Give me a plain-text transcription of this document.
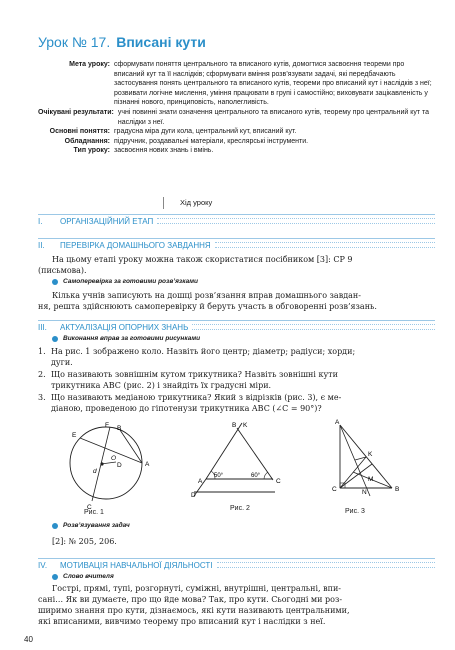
Урок № 17. Вписані кути
Мета уроку: сформувати поняття центрального та вписаного кутів, домогтися засвоєння теореми про вписаний кут та її наслідків; сформувати вміння розв’язувати задачі, які передбачають застосування понять центрального та вписаного кутів, теореми про вписаний кут і наслідків з неї; розвивати логічне мислення, уміння працювати в групі і самостійно; виховувати зацікавленість у пізнанні нового, принциповість, наполегливість.
Очікувані результати: учні повинні знати означення центрального та вписаного кутів, теорему про центральний кут та наслідки з неї.
Основні поняття: градусна міра дуги кола, центральний кут, вписаний кут.
Обладнання: підручник, роздавальні матеріали, креслярські інструменти.
Тип уроку: засвоєння нових знань і вмінь.
Хід уроку
I.	ОРГАНІЗАЦІЙНИЙ ЕТАП
II.	ПЕРЕВІРКА ДОМАШНЬОГО ЗАВДАННЯ
На цьому етапі уроку можна також скористатися посібником [3]: СР 9
(письмова).
Самоперевірка за готовими розв’язками
Кілька учнів записують на дошці розв’язання вправ домашнього завдан-
ня, решта здійснюють самоперевірку й беруть участь в обговоренні розв’язань.
III.	АКТУАЛІЗАЦІЯ ОПОРНИХ ЗНАНЬ
Виконання вправ за готовими рисунками
1. На рис. 1 зображено коло. Назвіть його центр; діаметр; радіуси; хорди;
дуги.
2. Що називають зовнішнім кутом трикутника? Назвіть зовнішні кути
трикутника ABC (рис. 2) і знайдіть їх градусні міри.
3. Що називають медіаною трикутника? Який з відрізків (рис. 3), є ме-
діаною, проведеною до гіпотенузи трикутника ABC (∠C = 90°)?
F B
E
A
O
d
D
C
Рис. 1
B K
A	C
D
50°	60°
Рис. 2
A
K
C	N
M
B
Рис. 3
Розв’язування задач
[2]: № 205, 206.
IV.	МОТИВАЦІЯ НАВЧАЛЬНОЇ ДІЯЛЬНОСТІ
Слово вчителя
Гострі, прямі, тупі, розгорнуті, суміжні, внутрішні, центральні, впи-
сані… Як ви думаєте, про що йде мова? Так, про кути. Сьогодні ми роз-
ширимо знання про кути, дізнаємось, які кути називають центральними,
які вписаними, вивчимо теорему про вписаний кут і наслідки з неї.
40
